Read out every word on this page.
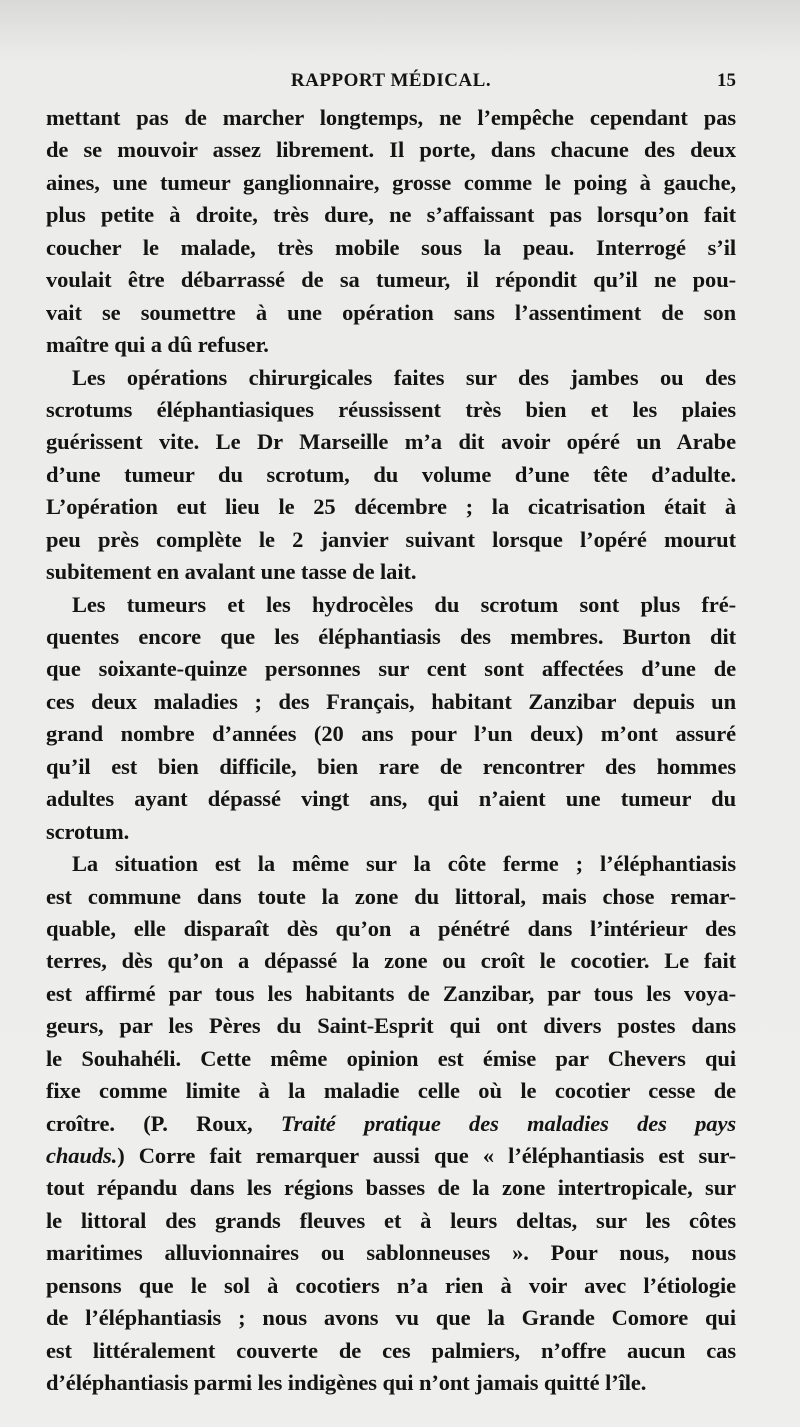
RAPPORT MÉDICAL.	15
mettant pas de marcher longtemps, ne l’empêche cependant pas
de se mouvoir assez librement. Il porte, dans chacune des deux
aines, une tumeur ganglionnaire, grosse comme le poing à gauche,
plus petite à droite, très dure, ne s’affaissant pas lorsqu’on fait
coucher le malade, très mobile sous la peau. Interrogé s’il
voulait être débarrassé de sa tumeur, il répondit qu’il ne pou-
vait se soumettre à une opération sans l’assentiment de son
maître qui a dû refuser.
Les opérations chirurgicales faites sur des jambes ou des
scrotums éléphantiasiques réussissent très bien et les plaies
guérissent vite. Le Dr Marseille m’a dit avoir opéré un Arabe
d’une tumeur du scrotum, du volume d’une tête d’adulte.
L’opération eut lieu le 25 décembre ; la cicatrisation était à
peu près complète le 2 janvier suivant lorsque l’opéré mourut
subitement en avalant une tasse de lait.
Les tumeurs et les hydrocèles du scrotum sont plus fré-
quentes encore que les éléphantiasis des membres. Burton dit
que soixante-quinze personnes sur cent sont affectées d’une de
ces deux maladies ; des Français, habitant Zanzibar depuis un
grand nombre d’années (20 ans pour l’un deux) m’ont assuré
qu’il est bien difficile, bien rare de rencontrer des hommes
adultes ayant dépassé vingt ans, qui n’aient une tumeur du
scrotum.
La situation est la même sur la côte ferme ; l’éléphantiasis
est commune dans toute la zone du littoral, mais chose remar-
quable, elle disparaît dès qu’on a pénétré dans l’intérieur des
terres, dès qu’on a dépassé la zone ou croît le cocotier. Le fait
est affirmé par tous les habitants de Zanzibar, par tous les voya-
geurs, par les Pères du Saint-Esprit qui ont divers postes dans
le Souhahéli. Cette même opinion est émise par Chevers qui
fixe comme limite à la maladie celle où le cocotier cesse de
croître. (P. Roux, Traité pratique des maladies des pays
chauds.) Corre fait remarquer aussi que « l’éléphantiasis est sur-
tout répandu dans les régions basses de la zone intertropicale, sur
le littoral des grands fleuves et à leurs deltas, sur les côtes
maritimes alluvionnaires ou sablonneuses ». Pour nous, nous
pensons que le sol à cocotiers n’a rien à voir avec l’étiologie
de l’éléphantiasis ; nous avons vu que la Grande Comore qui
est littéralement couverte de ces palmiers, n’offre aucun cas
d’éléphantiasis parmi les indigènes qui n’ont jamais quitté l’île.
